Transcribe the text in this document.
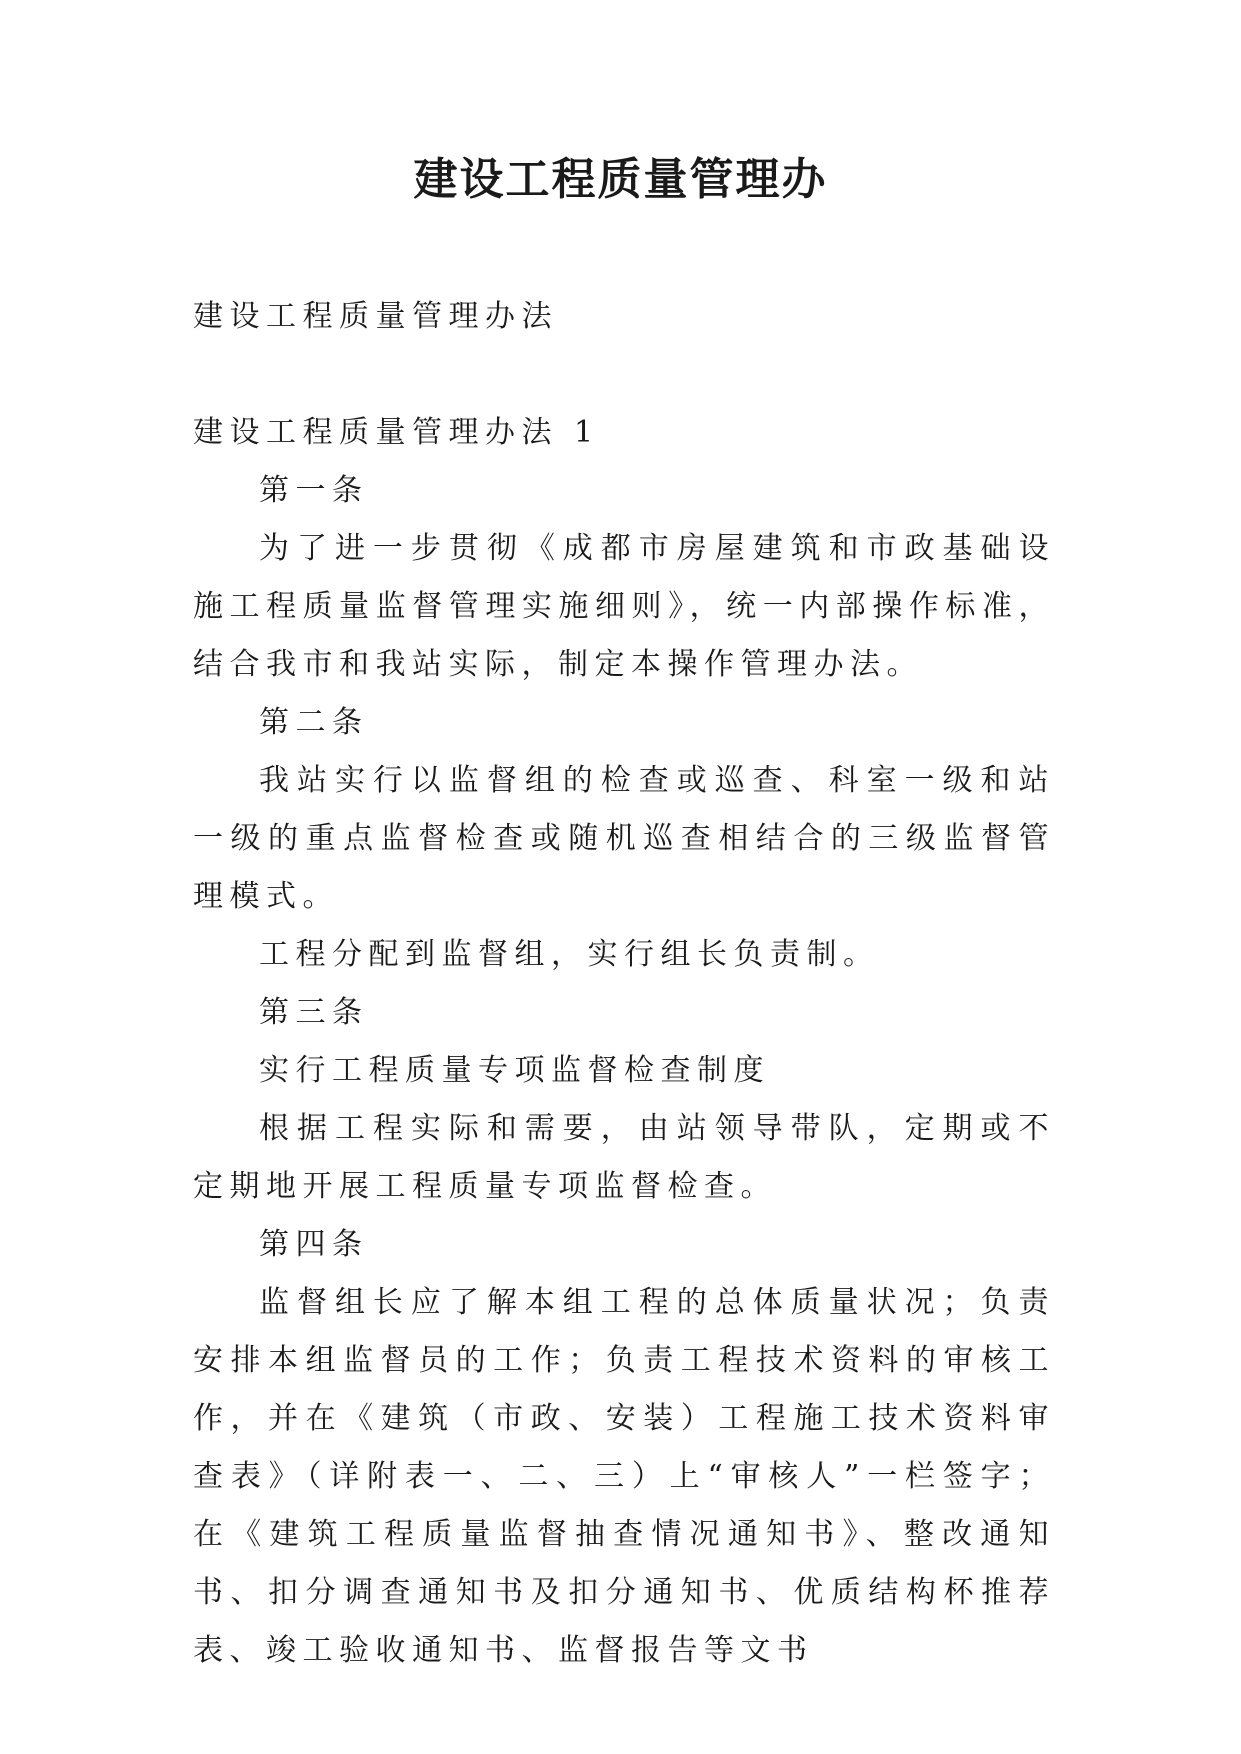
建设工程质量管理办

建设工程质量管理办法

建设工程质量管理办法 1

第一条

为了进一步贯彻《成都市房屋建筑和市政基础设施工程质量监督管理实施细则》，统一内部操作标准，结合我市和我站实际，制定本操作管理办法。

第二条

我站实行以监督组的检查或巡查、科室一级和站一级的重点监督检查或随机巡查相结合的三级监督管理模式。

工程分配到监督组，实行组长负责制。

第三条

实行工程质量专项监督检查制度

根据工程实际和需要，由站领导带队，定期或不定期地开展工程质量专项监督检查。

第四条

监督组长应了解本组工程的总体质量状况；负责安排本组监督员的工作；负责工程技术资料的审核工作，并在《建筑（市政、安装）工程施工技术资料审查表》（详附表一、二、三）上“审核人”一栏签字；在《建筑工程质量监督抽查情况通知书》、整改通知书、扣分调查通知书及扣分通知书、优质结构杯推荐表、竣工验收通知书、监督报告等文书
